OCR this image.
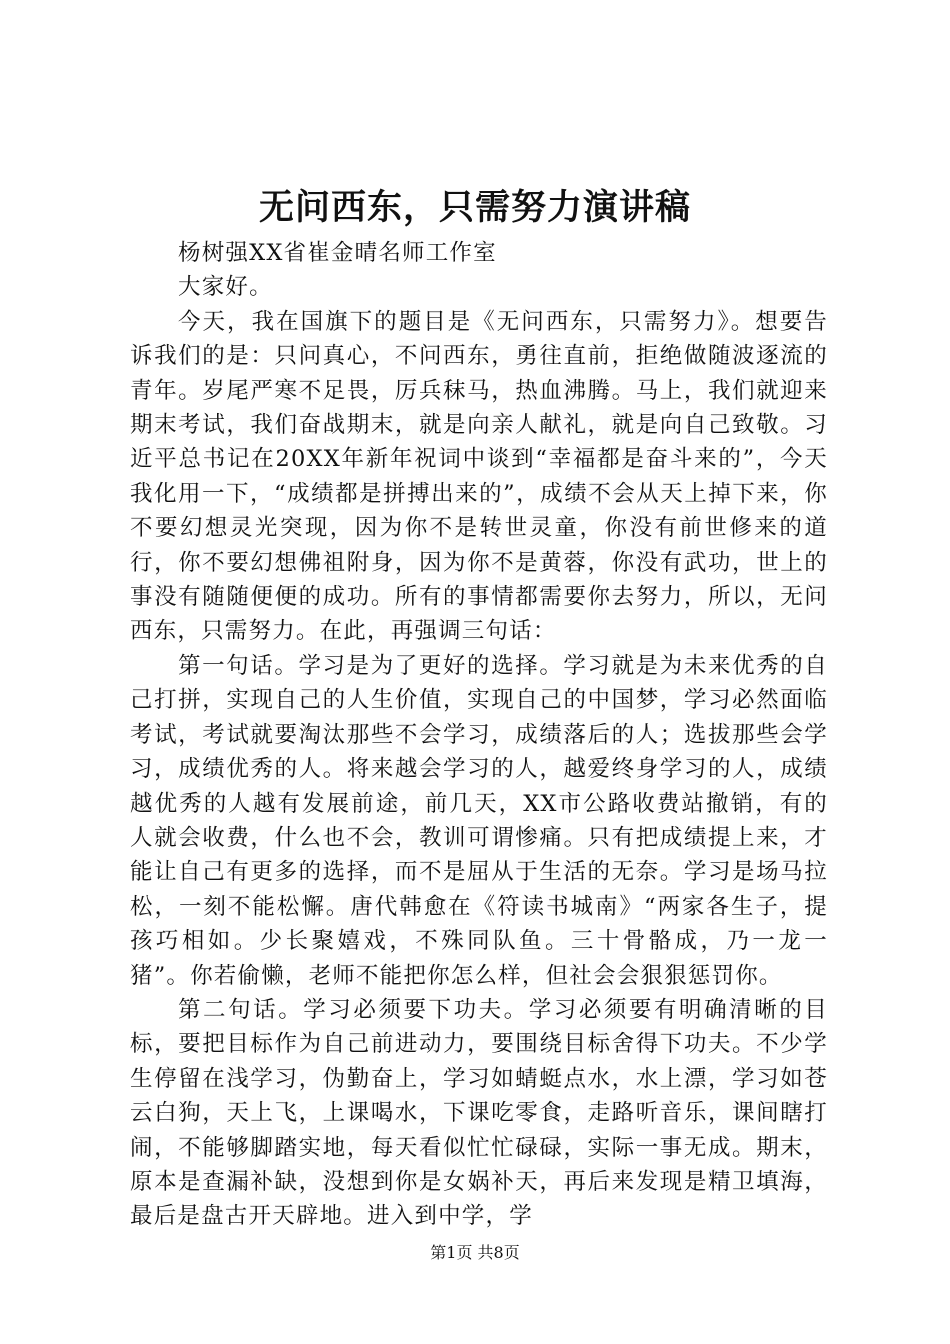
无问西东，只需努力演讲稿

杨树强XX省崔金晴名师工作室

大家好。

今天，我在国旗下的题目是《无问西东，只需努力》。想要告诉我们的是：只问真心，不问西东，勇往直前，拒绝做随波逐流的青年。岁尾严寒不足畏，厉兵秣马，热血沸腾。马上，我们就迎来期末考试，我们奋战期末，就是向亲人献礼，就是向自己致敬。习近平总书记在20XX年新年祝词中谈到“幸福都是奋斗来的”，今天我化用一下，“成绩都是拼搏出来的”，成绩不会从天上掉下来，你不要幻想灵光突现，因为你不是转世灵童，你没有前世修来的道行，你不要幻想佛祖附身，因为你不是黄蓉，你没有武功，世上的事没有随随便便的成功。所有的事情都需要你去努力，所以，无问西东，只需努力。在此，再强调三句话：

第一句话。学习是为了更好的选择。学习就是为未来优秀的自己打拼，实现自己的人生价值，实现自己的中国梦，学习必然面临考试，考试就要淘汰那些不会学习，成绩落后的人；选拔那些会学习，成绩优秀的人。将来越会学习的人，越爱终身学习的人，成绩越优秀的人越有发展前途，前几天，XX市公路收费站撤销，有的人就会收费，什么也不会，教训可谓惨痛。只有把成绩提上来，才能让自己有更多的选择，而不是屈从于生活的无奈。学习是场马拉松，一刻不能松懈。唐代韩愈在《符读书城南》“两家各生子，提孩巧相如。少长聚嬉戏，不殊同队鱼。三十骨骼成，乃一龙一猪”。你若偷懒，老师不能把你怎么样，但社会会狠狠惩罚你。

第二句话。学习必须要下功夫。学习必须要有明确清晰的目标，要把目标作为自己前进动力，要围绕目标舍得下功夫。不少学生停留在浅学习，伪勤奋上，学习如蜻蜓点水，水上漂，学习如苍云白狗，天上飞，上课喝水，下课吃零食，走路听音乐，课间瞎打闹，不能够脚踏实地，每天看似忙忙碌碌，实际一事无成。期末，原本是查漏补缺，没想到你是女娲补天，再后来发现是精卫填海，最后是盘古开天辟地。进入到中学，学

第1页 共8页
